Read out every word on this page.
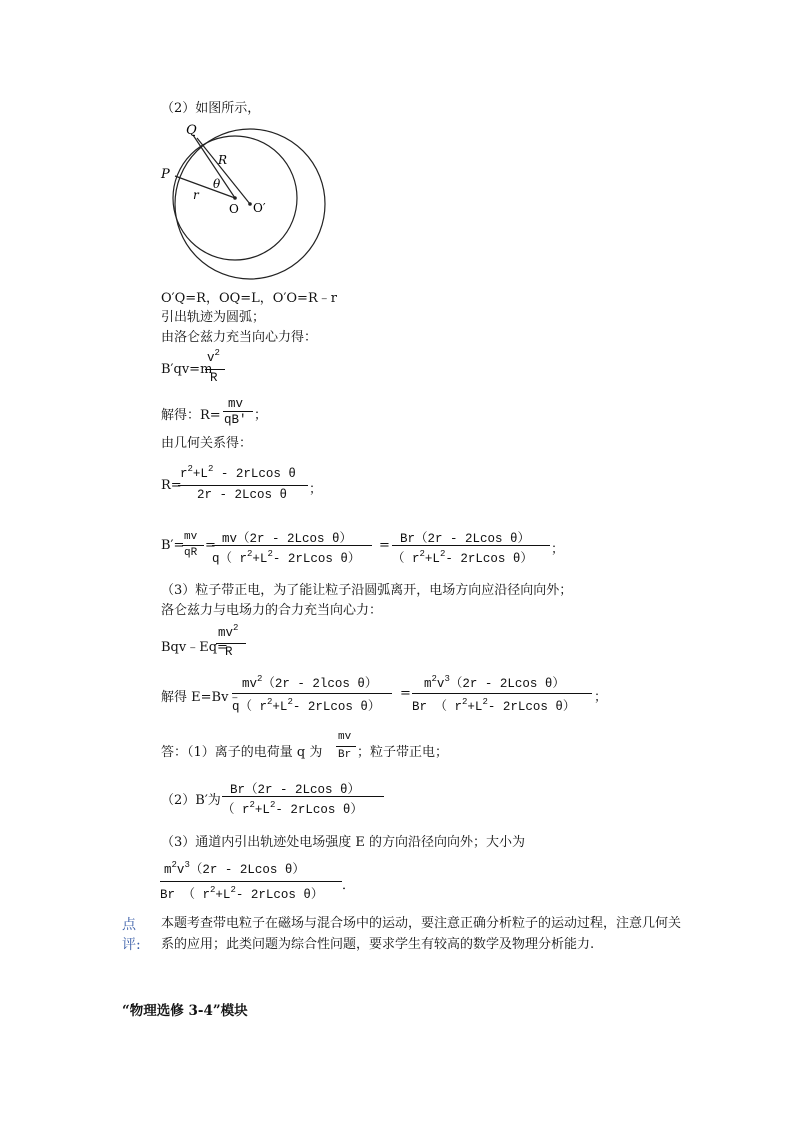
（2）如图所示，
Q
P
R
θ
r
O O′
O′Q=R，OQ=L，O′O=R﹣r
引出轨迹为圆弧；
由洛仑兹力充当向心力得：
B′qv=m
$v^2$
R
解得：R=
mv
qB′ ；
由几何关系得：
R=
$r^2+L^2 - 2rLcos$ θ
2r - 2Lcos θ ；
B′=
mv
qR = mv（2r - 2Lcos θ）
q（ $r^2+L^2-$ 2rLcos θ）
= Br（2r - 2Lcos θ）
（ $r^2+L^2-$ 2rLcos θ）
；
（3）粒子带正电，为了能让粒子沿圆弧离开，电场方向应沿径向向外；
洛仑兹力与电场力的合力充当向心力：
Bqv﹣Eq=
$mv^2$
R
解得 E=Bv﹣
$mv^2(2r - 2lcos$ θ）
q（ $r^2+L^2-$ 2rLcos θ）
=
$m^2v^3(2r - 2Lcos$ θ）
Br （ $r^2+L^2-$ 2rLcos θ）
；
答：（1）离子的电荷量 q 为
mv
Br ；粒子带正电；
（2）B′为
Br（2r - 2Lcos θ）
（ $r^2+L^2-$ 2rLcos θ）
（3）通道内引出轨迹处电场强度 E 的方向沿径向向外；大小为
$m^2v^3(2r - 2Lcos$ θ）
Br （ $r^2+L^2-$ 2rLcos θ）
．
点
评:
本题考查带电粒子在磁场与混合场中的运动，要注意正确分析粒子的运动过程，注意几何关系的应用；此类问题为综合性问题，要求学生有较高的数学及物理分析能力.
“物理选修 3-4”模块
